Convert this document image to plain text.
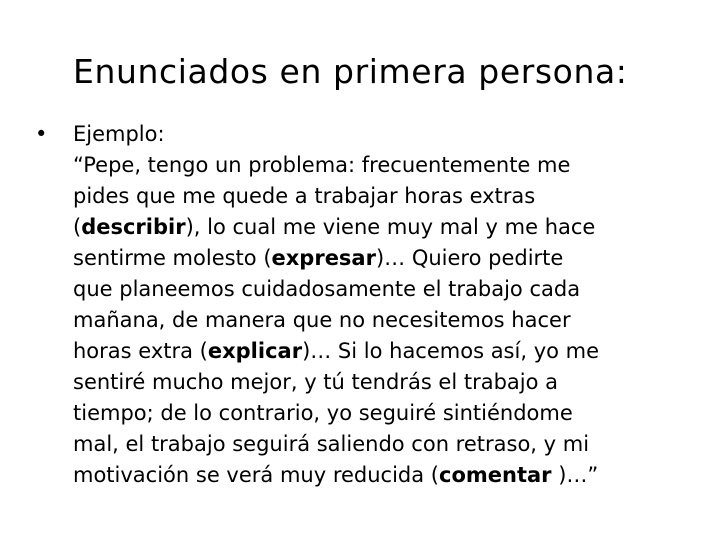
Enunciados en primera persona:
• Ejemplo:
“Pepe, tengo un problema: frecuentemente me
pides que me quede a trabajar horas extras
(describir), lo cual me viene muy mal y me hace
sentirme molesto (expresar)… Quiero pedirte
que planeemos cuidadosamente el trabajo cada
mañana, de manera que no necesitemos hacer
horas extra (explicar)… Si lo hacemos así, yo me
sentiré mucho mejor, y tú tendrás el trabajo a
tiempo; de lo contrario, yo seguiré sintiéndome
mal, el trabajo seguirá saliendo con retraso, y mi
motivación se verá muy reducida (comentar )…”
